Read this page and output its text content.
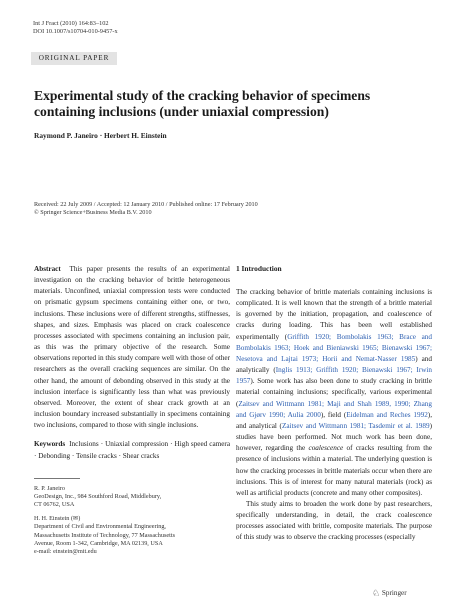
Int J Fract (2010) 164:83–102
DOI 10.1007/s10704-010-9457-x
ORIGINAL PAPER
Experimental study of the cracking behavior of specimens containing inclusions (under uniaxial compression)
Raymond P. Janeiro · Herbert H. Einstein
Received: 22 July 2009 / Accepted: 12 January 2010 / Published online: 17 February 2010
© Springer Science+Business Media B.V. 2010

Abstract This paper presents the results of an experimental investigation on the cracking behavior of brittle heterogeneous materials. Unconfined, uniaxial compression tests were conducted on prismatic gypsum specimens containing either one, or two, inclusions. These inclusions were of different strengths, stiffnesses, shapes, and sizes. Emphasis was placed on crack coalescence processes associated with specimens containing an inclusion pair, as this was the primary objective of the research. Some observations reported in this study compare well with those of other researchers as the overall cracking sequences are similar. On the other hand, the amount of debonding observed in this study at the inclusion interface is significantly less than what was previously observed. Moreover, the extent of shear crack growth at an inclusion boundary increased substantially in specimens containing two inclusions, compared to those with single inclusions.

Keywords Inclusions · Uniaxial compression · High speed camera · Debonding · Tensile cracks · Shear cracks

R. P. Janeiro
GeoDesign, Inc., 984 Southford Road, Middlebury,
CT 06762, USA
H. H. Einstein (✉)
Department of Civil and Environmental Engineering,
Massachusetts Institute of Technology, 77 Massachusetts
Avenue, Room 1-342, Cambridge, MA 02139, USA
e-mail: einstein@mit.edu
1 Introduction

The cracking behavior of brittle materials containing inclusions is complicated. It is well known that the strength of a brittle material is governed by the initiation, propagation, and coalescence of cracks during loading. This has been well established experimentally (Griffith 1920; Bombolakis 1963; Brace and Bombolakis 1963; Hoek and Bieniawski 1965; Bienawski 1967; Nesetova and Lajtai 1973; Horii and Nemat-Nasser 1985) and analytically (Inglis 1913; Griffith 1920; Bienawski 1967; Irwin 1957). Some work has also been done to study cracking in brittle material containing inclusions; specifically, various experimental (Zaitsev and Wittmann 1981; Maji and Shah 1989, 1990; Zhang and Gjørv 1990; Aulia 2000), field (Eidelman and Reches 1992), and analytical (Zaitsev and Wittmann 1981; Tasdemir et al. 1989) studies have been performed. Not much work has been done, however, regarding the coalescence of cracks resulting from the presence of inclusions within a material. The underlying question is how the cracking processes in brittle materials occur when there are inclusions. This is of interest for many natural materials (rock) as well as artificial products (concrete and many other composites).

This study aims to broaden the work done by past researchers, specifically understanding, in detail, the crack coalescence processes associated with brittle, composite materials. The purpose of this study was to observe the cracking processes (especially

♘ Springer
